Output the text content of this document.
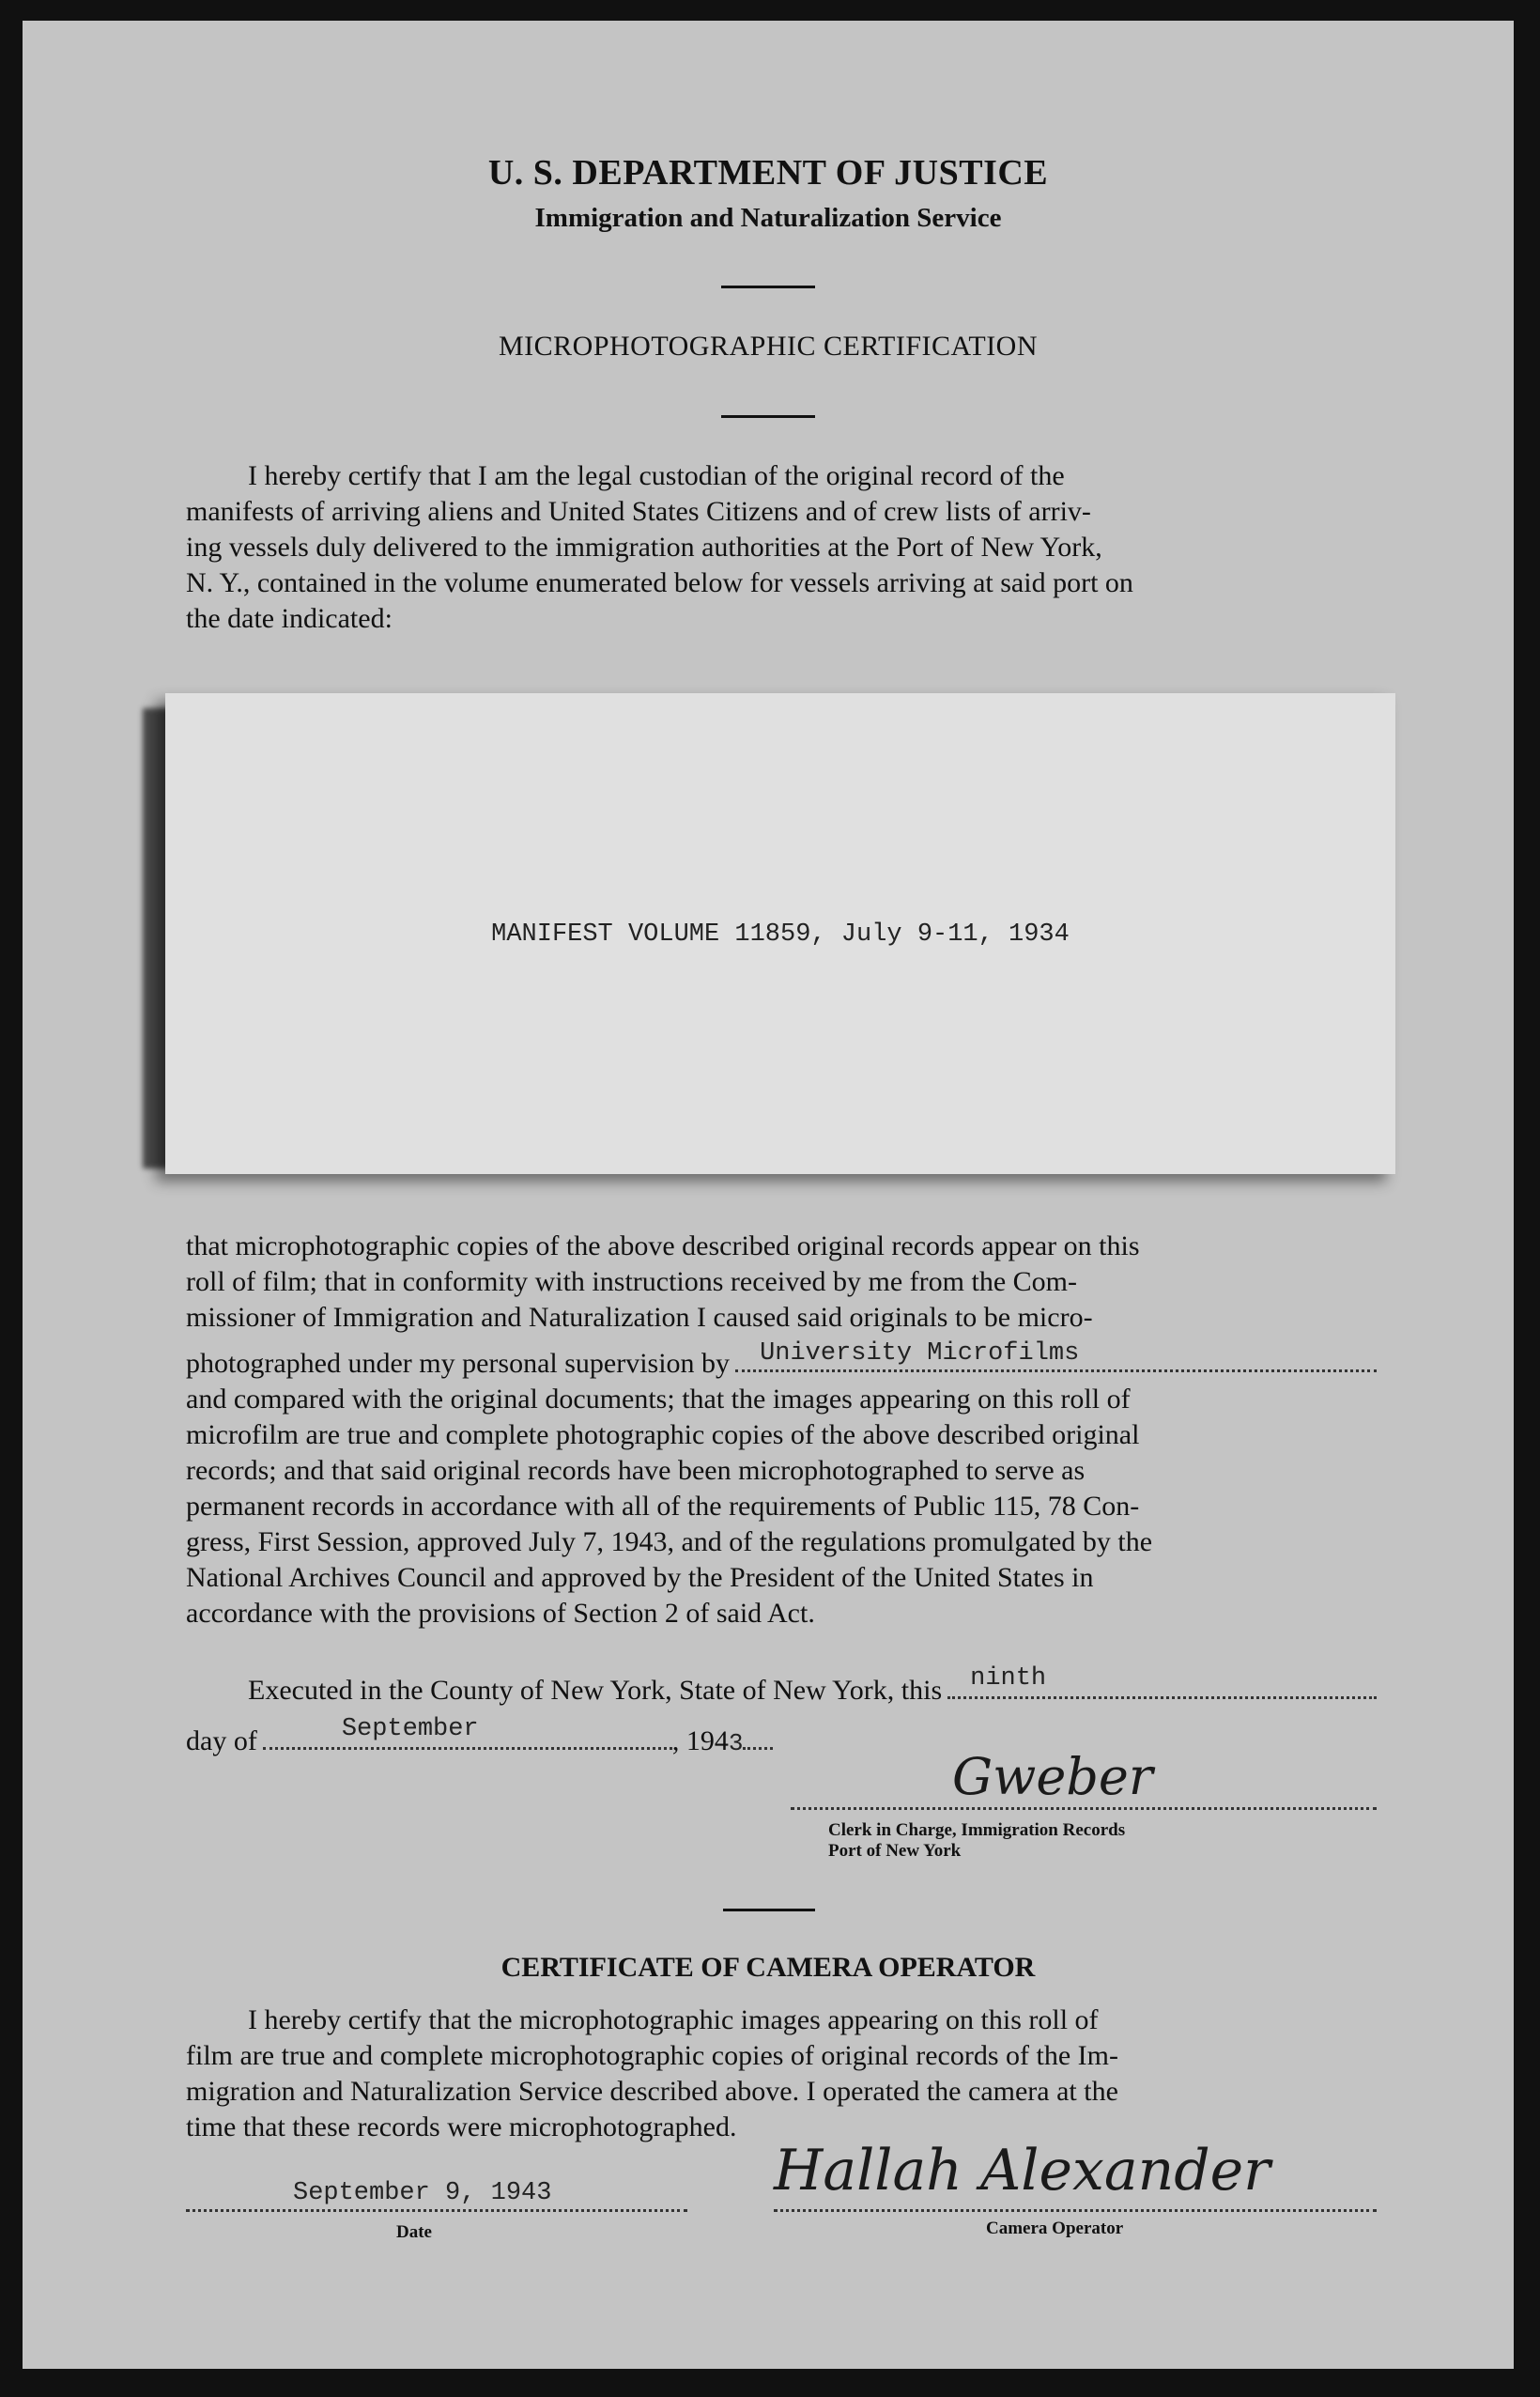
U. S. DEPARTMENT OF JUSTICE
Immigration and Naturalization Service
MICROPHOTOGRAPHIC CERTIFICATION

I hereby certify that I am the legal custodian of the original record of the

manifests of arriving aliens and United States Citizens and of crew lists of arriv-

ing vessels duly delivered to the immigration authorities at the Port of New York,

N. Y., contained in the volume enumerated below for vessels arriving at said port on

the date indicated:

MANIFEST VOLUME 11859, July 9-11, 1934

that microphotographic copies of the above described original records appear on this

roll of film; that in conformity with instructions received by me from the Com-

missioner of Immigration and Naturalization I caused said originals to be micro-

photographed under my personal supervision by University Microfilms

and compared with the original documents; that the images appearing on this roll of

microfilm are true and complete photographic copies of the above described original

records; and that said original records have been microphotographed to serve as

permanent records in accordance with all of the requirements of Public 115, 78 Con-

gress, First Session, approved July 7, 1943, and of the regulations promulgated by the

National Archives Council and approved by the President of the United States in

accordance with the provisions of Section 2 of said Act.

Executed in the County of New York, State of New York, this ninth
day of	September	, 194 3
Gweber
Clerk in Charge, Immigration Records
Port of New York
CERTIFICATE OF CAMERA OPERATOR

I hereby certify that the microphotographic images appearing on this roll of

film are true and complete microphotographic copies of original records of the Im-

migration and Naturalization Service described above. I operated the camera at the

time that these records were microphotographed.

September 9, 1943
Date
Hallah Alexander
Camera Operator
